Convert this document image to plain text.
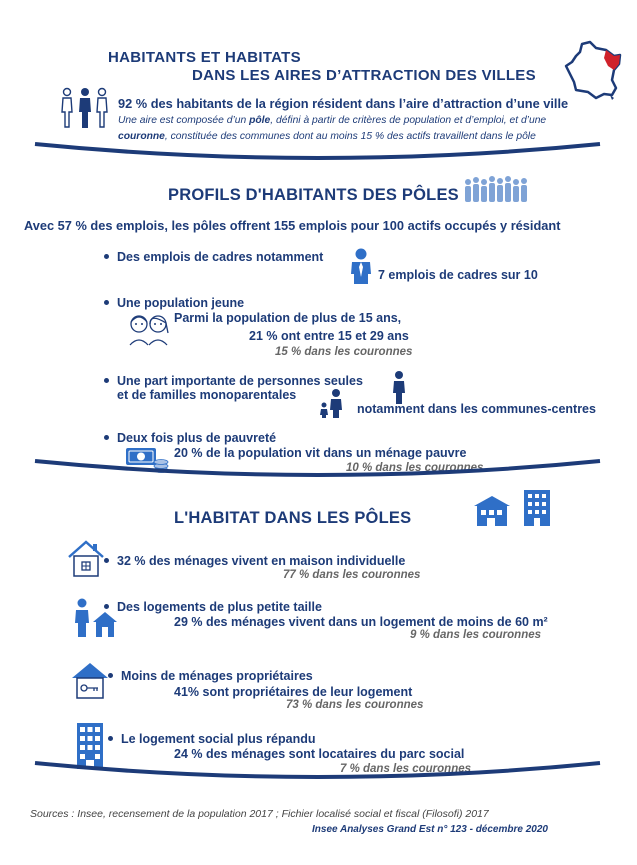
HABITANTS ET HABITATS
DANS LES AIRES D’ATTRACTION DES VILLES
92 % des habitants de la région résident dans l’aire d’attraction d’une ville
Une aire est composée d’un pôle, défini à partir de critères de population et d’emploi, et d’une
couronne, constituée des communes dont au moins 15 % des actifs travaillent dans le pôle
PROFILS D'HABITANTS DES PÔLES
Avec 57 % des emplois, les pôles offrent 155 emplois pour 100 actifs occupés y résidant
Des emplois de cadres notamment
7 emplois de cadres sur 10
Une population jeune
Parmi la population de plus de 15 ans,
21 % ont entre 15 et 29 ans
15 % dans les couronnes
Une part importante de personnes seules
et de familles monoparentales
notamment dans les communes-centres
Deux fois plus de pauvreté
20 % de la population vit dans un ménage pauvre
10 % dans les couronnes
L'HABITAT DANS LES PÔLES
32 % des ménages vivent en maison individuelle
77 % dans les couronnes
Des logements de plus petite taille
29 % des ménages vivent dans un logement de moins de 60 m²
9 % dans les couronnes
Moins de ménages propriétaires
41% sont propriétaires de leur logement
73 % dans les couronnes
Le logement social plus répandu
24 % des ménages sont locataires du parc social
7 % dans les couronnes
Sources : Insee, recensement de la population 2017 ; Fichier localisé social et fiscal (Filosofi) 2017
Insee Analyses Grand Est n° 123 - décembre 2020
